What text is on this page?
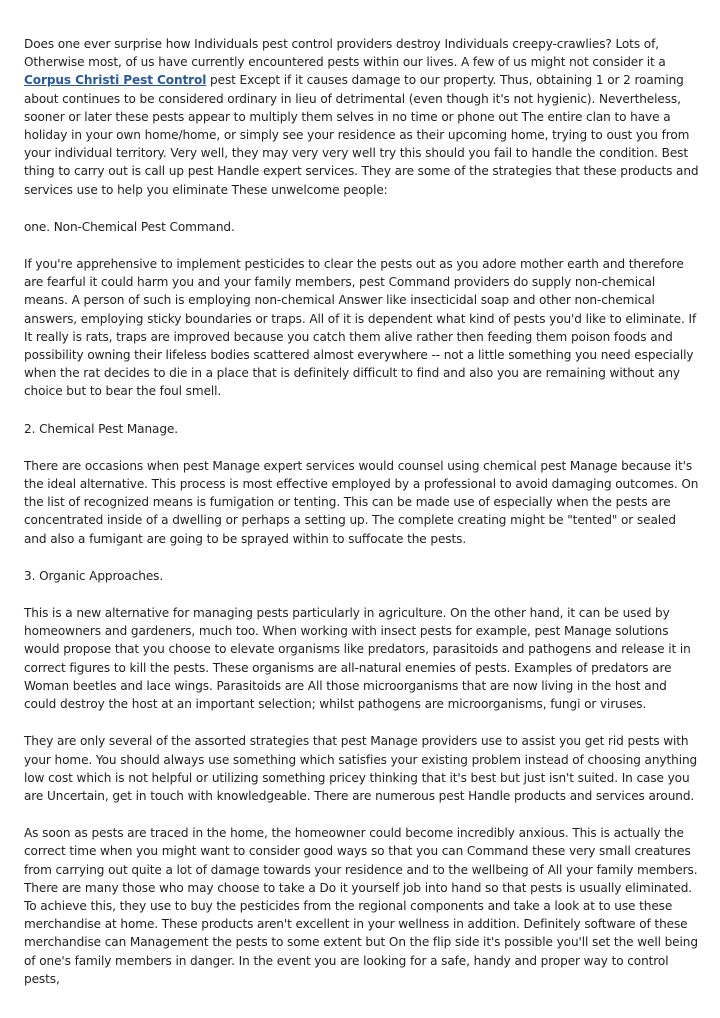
Does one ever surprise how Individuals pest control providers destroy Individuals creepy-crawlies? Lots of, Otherwise most, of us have currently encountered pests within our lives. A few of us might not consider it a Corpus Christi Pest Control pest Except if it causes damage to our property. Thus, obtaining 1 or 2 roaming about continues to be considered ordinary in lieu of detrimental (even though it's not hygienic). Nevertheless, sooner or later these pests appear to multiply them selves in no time or phone out The entire clan to have a holiday in your own home/home, or simply see your residence as their upcoming home, trying to oust you from your individual territory. Very well, they may very very well try this should you fail to handle the condition. Best thing to carry out is call up pest Handle expert services. They are some of the strategies that these products and services use to help you eliminate These unwelcome people:

one. Non-Chemical Pest Command.

If you're apprehensive to implement pesticides to clear the pests out as you adore mother earth and therefore are fearful it could harm you and your family members, pest Command providers do supply non-chemical means. A person of such is employing non-chemical Answer like insecticidal soap and other non-chemical answers, employing sticky boundaries or traps. All of it is dependent what kind of pests you'd like to eliminate. If It really is rats, traps are improved because you catch them alive rather then feeding them poison foods and possibility owning their lifeless bodies scattered almost everywhere -- not a little something you need especially when the rat decides to die in a place that is definitely difficult to find and also you are remaining without any choice but to bear the foul smell.

2. Chemical Pest Manage.

There are occasions when pest Manage expert services would counsel using chemical pest Manage because it's the ideal alternative. This process is most effective employed by a professional to avoid damaging outcomes. On the list of recognized means is fumigation or tenting. This can be made use of especially when the pests are concentrated inside of a dwelling or perhaps a setting up. The complete creating might be "tented" or sealed and also a fumigant are going to be sprayed within to suffocate the pests.

3. Organic Approaches.

This is a new alternative for managing pests particularly in agriculture. On the other hand, it can be used by homeowners and gardeners, much too. When working with insect pests for example, pest Manage solutions would propose that you choose to elevate organisms like predators, parasitoids and pathogens and release it in correct figures to kill the pests. These organisms are all-natural enemies of pests. Examples of predators are Woman beetles and lace wings. Parasitoids are All those microorganisms that are now living in the host and could destroy the host at an important selection; whilst pathogens are microorganisms, fungi or viruses.

They are only several of the assorted strategies that pest Manage providers use to assist you get rid pests with your home. You should always use something which satisfies your existing problem instead of choosing anything low cost which is not helpful or utilizing something pricey thinking that it's best but just isn't suited. In case you are Uncertain, get in touch with knowledgeable. There are numerous pest Handle products and services around.

As soon as pests are traced in the home, the homeowner could become incredibly anxious. This is actually the correct time when you might want to consider good ways so that you can Command these very small creatures from carrying out quite a lot of damage towards your residence and to the wellbeing of All your family members. There are many those who may choose to take a Do it yourself job into hand so that pests is usually eliminated. To achieve this, they use to buy the pesticides from the regional components and take a look at to use these merchandise at home. These products aren't excellent in your wellness in addition. Definitely software of these merchandise can Management the pests to some extent but On the flip side it's possible you'll set the well being of one's family members in danger. In the event you are looking for a safe, handy and proper way to control pests,
